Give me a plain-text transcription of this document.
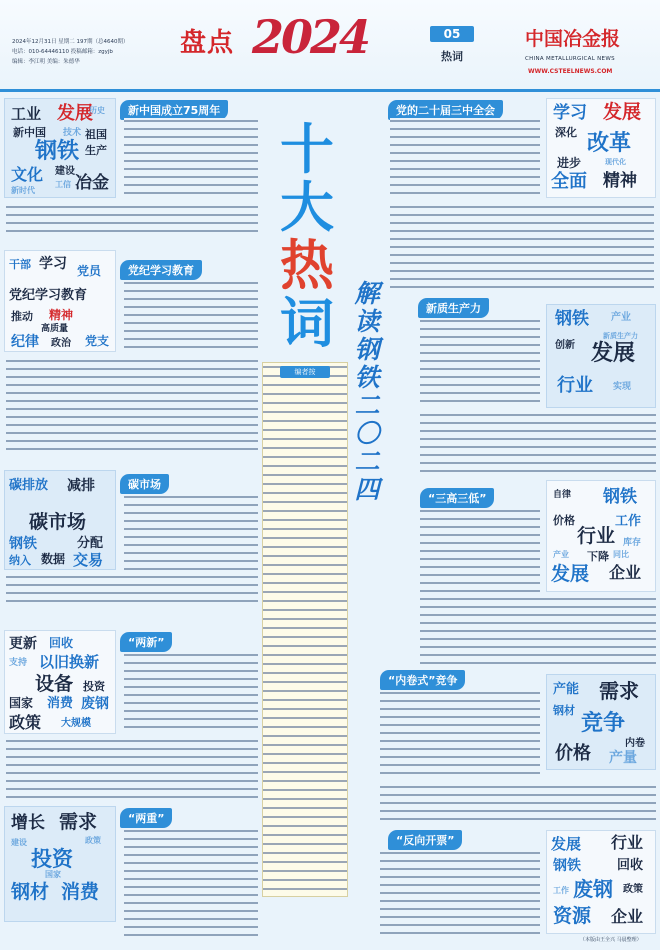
2024年12月31日 星期二 197期（总4640期）
电话：010-64446110 投稿邮箱：zgyjb
编辑：李江明 美编：朱德华
盘点 2024	05
热词
中国冶金报
CHINA METALLURGICAL NEWS
WWW.CSTEELNEWS.COM
十
大
热
词 解读钢铁二〇二四
编者按
工业 发展
新中国 技术 祖国
钢铁 生产
文化 建设
冶金
新时代
工信
历史	新中国成立75周年	党的二十届三中全会	学习 发展
深化 改革
进步
全面 精神
现代化
干部 学习 党员
党纪学习教育
推动 精神
高质量
纪律 政治 党支
党纪学习教育
新质生产力
钢铁 产业
发展
新质生产力
行业
创新
实现
碳排放 减排
碳市场
钢铁	分配
纳入 数据 交易
碳市场
“三高三低”	自律 钢铁
价格	工作
行业 库存
发展 企业
下降 同比
产业
更新 回收
支持 以旧换新
设备 投资
国家 消费 废钢
政策 大规模
“两新”
“内卷式”竞争
产能 需求
钢材
竞争
内卷
价格 产量
增长 需求
投资
钢材 消费
建设
国家
政策
“两重”
“反向开票”	发展 行业
钢铁	回收
废钢 政策
工作
资源 企业
（本版由王全兴 马晨整理）
